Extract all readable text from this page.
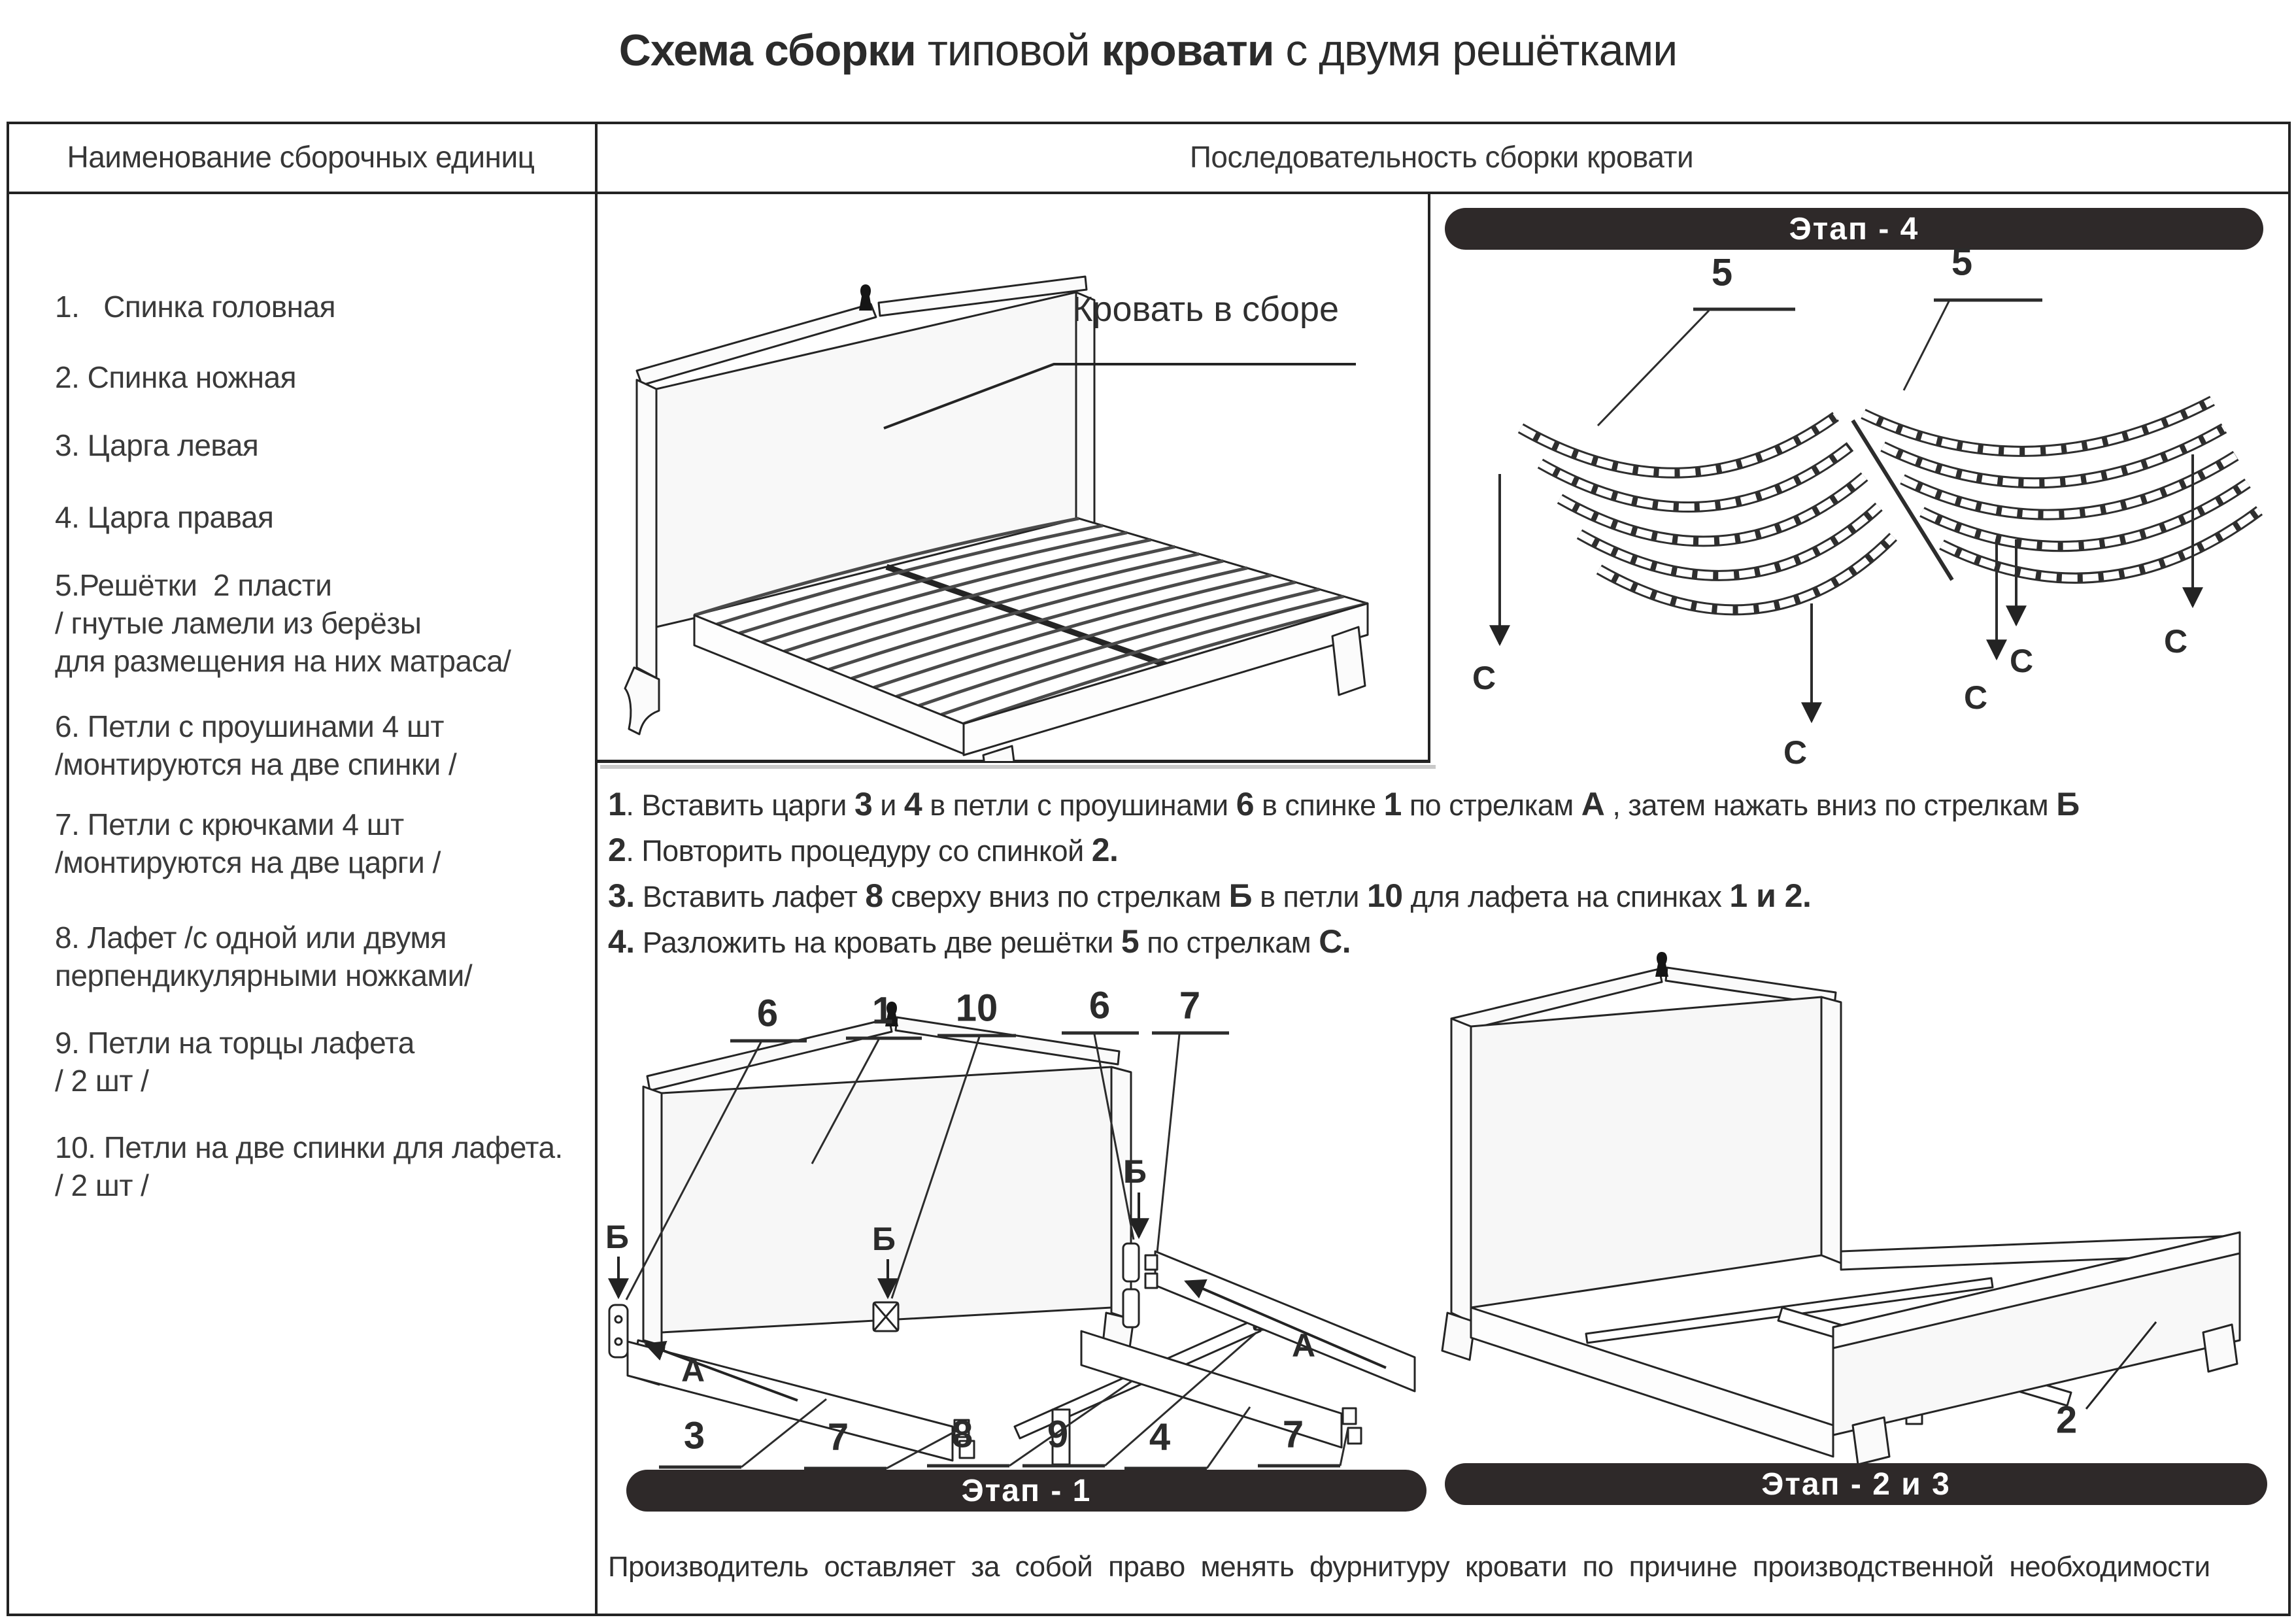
Схема сборки типовой кровати с двумя решётками
Наименование сборочных единиц	Последовательность сборки кровати
1.   Спинка головная
2. Спинка ножная
3. Царга левая
4. Царга правая
5.Решётки  2 пласти
/ гнутые ламели из берёзы
для размещения на них матраса/
6. Петли с проушинами 4 шт
/монтируются на две спинки /
7. Петли с крючками 4 шт
/монтируются на две царги /
8. Лафет /с одной или двумя
перпендикулярными ножками/
9. Петли на торцы лафета
/ 2 шт /
10. Петли на две спинки для лафета.
/ 2 шт /
Кровать в сборе
Этап - 4
5	5
С
С
С
С
С
1. Вставить царги 3 и 4 в петли с проушинами 6 в спинке 1 по стрелкам А , затем нажать вниз по стрелкам Б
2. Повторить процедуру со спинкой 2.
3. Вставить лафет 8 сверху вниз по стрелкам Б в петли 10 для лафета на спинках 1 и 2.
4. Разложить на кровать две решётки 5 по стрелкам С.
Этап - 1
6 1 10 6 7
Б	Б
Б
А
А
3	7	8 9 4	7
Этап - 2 и 3
2
Производитель оставляет за собой право менять фурнитуру кровати по причине производственной необходимости
